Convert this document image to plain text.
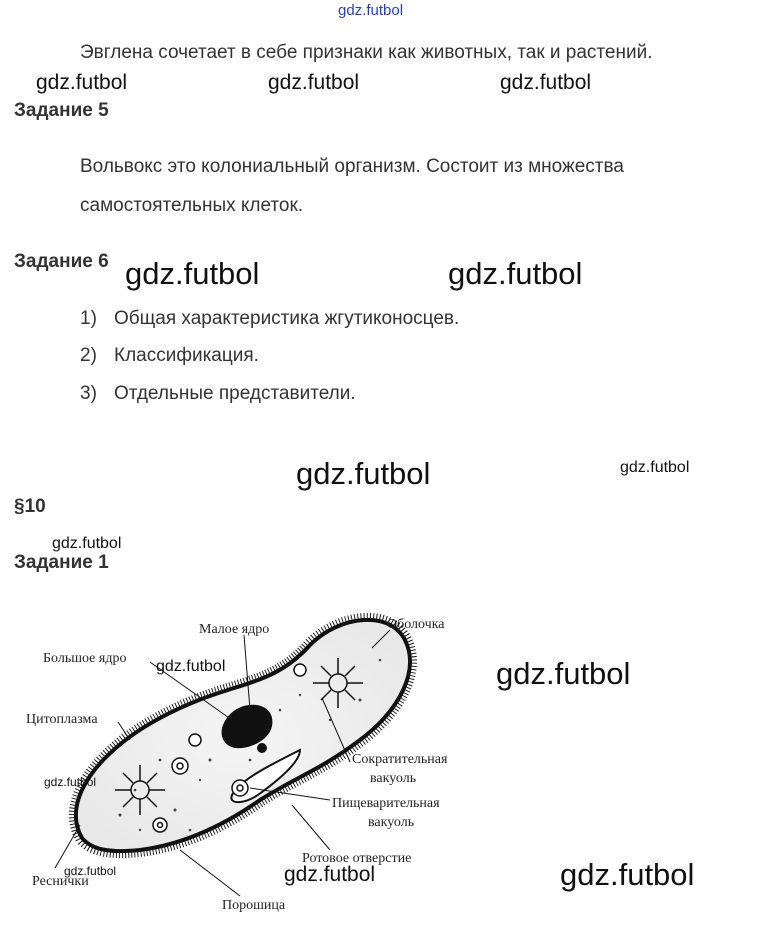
gdz.futbol
Эвглена сочетает в себе признаки как животных, так и растений.
gdz.futbol	gdz.futbol	gdz.futbol
Задание 5
Вольвокс это колониальный организм. Состоит из множества
самостоятельных клеток.
Задание 6 gdz.futbol	gdz.futbol
1) Общая характеристика жгутиконосцев.
2) Классификация.
3) Отдельные представители.
gdz.futbol	gdz.futbol
§10
gdz.futbol
Задание 1
Малое ядро	Оболочка
Большое ядро
Цитоплазма
Сократительная
вакуоль
Пищеварительная
вакуоль
Ротовое отверстие
Реснички
Порошица
gdz.futbol	gdz.futbol
gdz.futbol
gdz.futbol	gdz.futbol	gdz.futbol
